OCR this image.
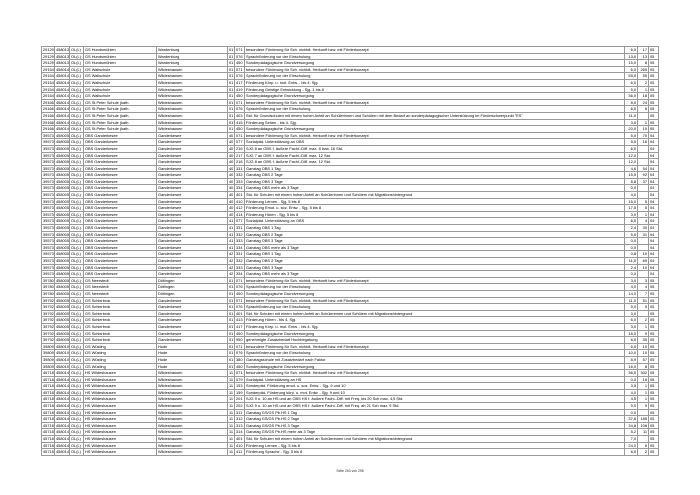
29129	458013	OL(L)	GS Hundsmühlen	Wardenburg	01	071	besondere Förderung für Sch. nichtdt. Herkunft bzw. mit Förderkonzept	6,0	17	05
29129	458013	OL(L)	GS Hundsmühlen	Wardenburg	01	076	Sprachförderung vor der Einschulung	13,0	13	05
29129	458013	OL(L)	GS Hundsmühlen	Wardenburg	01	450	Sonderpädagogische Grundversorgung	15,0	8	05
29154	458014	OL(L)	GS Wallschule	Wildeshausen	01	071	besondere Förderung für Sch. nichtdt. Herkunft bzw. mit Förderkonzept	6,0	265	05
29154	458014	OL(L)	GS Wallschule	Wildeshausen	01	076	Sprachförderung vor der Einschulung	55,0	55	05
29154	458014	OL(L)	GS Wallschule	Wildeshausen	01	417	Förderung Körp. u. mot. Entw. - bis 4. Sjg.	6,0	2	05
29154	458014	OL(L)	GS Wallschule	Wildeshausen	01	419	Förderung Geistige Entwicklung - Sjg. 1 bis 8	5,0	1	05
29154	458014	OL(L)	GS Wallschule	Wildeshausen	01	450	Sonderpädagogische Grundversorgung	36,0	18	05
29166	458014	OL(L)	GS St.Peter Schule (kath.	Wildeshausen	01	071	besondere Förderung für Sch. nichtdt. Herkunft bzw. mit Förderkonzept	8,0	24	05
29166	458014	OL(L)	GS St.Peter Schule (kath.	Wildeshausen	01	076	Sprachförderung vor der Einschulung	6,0	6	05
29166	458014	OL(L)	GS St.Peter Schule (kath.	Wildeshausen	01	403	Std. für Grundschulen mit einem hohen Anteil an Schülerinnen und Schülern mit dem Bedarf an sonderpädagogischer Unterstützung im Förderschwerpunkt "ES"	11,0		05
29166	458014	OL(L)	GS St.Peter Schule (kath.	Wildeshausen	01	415	Förderung Sehen - bis 4. Sjg.	3,0	1	05
29166	458014	OL(L)	GS St.Peter Schule (kath.	Wildeshausen	01	450	Sonderpädagogische Grundversorgung	20,0	10	05
39573	458005	OL(L)	OBS Ganderkesee	Ganderkesee	40	071	besondere Förderung für Sch. nichtdt. Herkunft bzw. mit Förderkonzept	5,0	70	04
39573	458005	OL(L)	OBS Ganderkesee	Ganderkesee	40	077	Sozialpäd. Unterstützung an OBS	5,0	16	04
39573	458005	OL(L)	OBS Ganderkesee	Ganderkesee	40	216	SJG 8 an OBS f. äußere Fachl.-Diff. max. 8 bzw. 16 Std.	6,0		04
39573	458005	OL(L)	OBS Ganderkesee	Ganderkesee	40	217	SJG 7 an OBS f. äußere Fachl.-Diff. max. 12 Std.	12,0		04
39573	458005	OL(L)	OBS Ganderkesee	Ganderkesee	40	218	SJG 8 an OBS f. äußere Fachl.-Diff. max. 12 Std.	12,0		04
39573	458005	OL(L)	OBS Ganderkesee	Ganderkesee	40	331	Ganztag OBS 1 Tag	4,6	54	04
39573	458005	OL(L)	OBS Ganderkesee	Ganderkesee	40	332	Ganztag OBS 2 Tage	15,5	92	04
39573	458005	OL(L)	OBS Ganderkesee	Ganderkesee	40	333	Ganztag OBS 3 Tage	8,8	37	04
39573	458005	OL(L)	OBS Ganderkesee	Ganderkesee	40	334	Ganztag OBS mehr als 3 Tage	0,0		04
39573	458005	OL(L)	OBS Ganderkesee	Ganderkesee	40	401	Std. für Schulen mit einem hohen Anteil an Schülerinnen und Schülern mit Migrationshintergrund	4,0		04
39573	458005	OL(L)	OBS Ganderkesee	Ganderkesee	40	410	Förderung Lernen - Sjg. 5 bis 8	15,0	5	04
39573	458005	OL(L)	OBS Ganderkesee	Ganderkesee	40	412	Förderung Emot. u. soz. Entw. - Sjg. 5 bis 8	17,5	5	04
39573	458005	OL(L)	OBS Ganderkesee	Ganderkesee	40	414	Förderung Hören - Sjg. 5 bis 8	3,0	1	04
39573	458005	OL(L)	OBS Ganderkesee	Ganderkesee	41	077	Sozialpäd. Unterstützung an OBS	6,0	4	04
39573	458005	OL(L)	OBS Ganderkesee	Ganderkesee	41	331	Ganztag OBS 1 Tag	2,4	30	04
39573	458005	OL(L)	OBS Ganderkesee	Ganderkesee	41	332	Ganztag OBS 2 Tage	5,0	31	04
39573	458005	OL(L)	OBS Ganderkesee	Ganderkesee	41	333	Ganztag OBS 3 Tage	0,0		04
39573	458005	OL(L)	OBS Ganderkesee	Ganderkesee	41	334	Ganztag OBS mehr als 3 Tage	0,0		04
39573	458005	OL(L)	OBS Ganderkesee	Ganderkesee	42	331	Ganztag OBS 1 Tag	0,8	10	04
39573	458005	OL(L)	OBS Ganderkesee	Ganderkesee	42	332	Ganztag OBS 2 Tage	11,0	69	04
39573	458005	OL(L)	OBS Ganderkesee	Ganderkesee	42	333	Ganztag OBS 3 Tage	2,4	10	04
39573	458005	OL(L)	OBS Ganderkesee	Ganderkesee	42	334	Ganztag OBS mehr als 3 Tage	0,0		04
39780	458005	OL(L)	GS Neerstedt	Dötlingen	01	071	besondere Förderung für Sch. nichtdt. Herkunft bzw. mit Förderkonzept	3,0	3	05
39780	458005	OL(L)	GS Neerstedt	Dötlingen	01	076	Sprachförderung vor der Einschulung	4,0	4	05
39780	458005	OL(L)	GS Neerstedt	Dötlingen	01	450	Sonderpädagogische Grundversorgung	14,0	7	05
39792	458005	OL(L)	GS Schierbrok	Ganderkesee	01	071	besondere Förderung für Sch. nichtdt. Herkunft bzw. mit Förderkonzept	11,0	51	05
39792	458005	OL(L)	GS Schierbrok	Ganderkesee	01	076	Sprachförderung vor der Einschulung	5,0	5	05
39792	458005	OL(L)	GS Schierbrok	Ganderkesee	01	401	Std. für Schulen mit einem hohen Anteil an Schülerinnen und Schülern mit Migrationshintergrund	3,0		05
39792	458005	OL(L)	GS Schierbrok	Ganderkesee	01	413	Förderung Hören - bis 4. Sjg.	6,0	2	05
39792	458005	OL(L)	GS Schierbrok	Ganderkesee	01	417	Förderung Körp. u. mot. Entw. - bis 4. Sjg.	3,0	1	05
39792	458005	OL(L)	GS Schierbrok	Ganderkesee	01	450	Sonderpädagogische Grundversorgung	18,0	9	05
39792	458005	OL(L)	GS Schierbrok	Ganderkesee	01	950	genehmigte Zusatzbedarf Hochbegabung	6,0	35	05
39809	458010	OL(L)	GS Wüsting	Hude	01	071	besondere Förderung für Sch. nichtdt. Herkunft bzw. mit Förderkonzept	6,0	10	05
39809	458010	OL(L)	GS Wüsting	Hude	01	076	Sprachförderung vor der Einschulung	10,0	10	05
39809	458010	OL(L)	GS Wüsting	Hude	01	380	Ganztagsschule mit Zusatzbedarf nach Faktor	8,9	57	05
39809	458010	OL(L)	GS Wüsting	Hude	01	450	Sonderpädagogische Grundversorgung	16,0	8	05
45718	458014	OL(L)	HS Wildeshausen	Wildeshausen	11	071	besondere Förderung für Sch. nichtdt. Herkunft bzw. mit Förderkonzept	36,0	302	05
45718	458014	OL(L)	HS Wildeshausen	Wildeshausen	11	079	Sozialpäd. Unterstützung an HS	0,0	16	05
45718	458014	OL(L)	HS Wildeshausen	Wildeshausen	11	153	Sonderpäd. Förderung emot. u. soz. Entw. - Sjg. 9 und 10	3,5	1	05
45718	458014	OL(L)	HS Wildeshausen	Wildeshausen	11	159	Sonderpäd. Förderung körp. u. mot. Entw. - Sjg. 9 und 10	4,0	1	05
45718	458014	OL(L)	HS Wildeshausen	Wildeshausen	11	201	SJG 9 u. 10 an HS und an OBS HS f. äußere Fachl.-Diff. mit Freq. bis 20 Sch max. 4,5 Std.	4,5	1	05
45718	458014	OL(L)	HS Wildeshausen	Wildeshausen	11	202	SJG 9 u. 10 an HS und an OBS HS f. äußere Fachl.-Diff. mit Freq. ab 21 Sch max. 9 Std.	9,0	5	05
45718	458014	OL(L)	HS Wildeshausen	Wildeshausen	11	311	Ganztag GS/GS Pb.HS 1 Tag	0,0		05
45718	458014	OL(L)	HS Wildeshausen	Wildeshausen	11	312	Ganztag GS/GS Pb.HS 2 Tage	37,8	185	05
45718	458014	OL(L)	HS Wildeshausen	Wildeshausen	11	313	Ganztag GS/GS Pb.HS 3 Tage	34,8	106	05
45718	458014	OL(L)	HS Wildeshausen	Wildeshausen	11	314	Ganztag GS/GS Pb.HS mehr als 3 Tage	5,2	11	05
45718	458014	OL(L)	HS Wildeshausen	Wildeshausen	11	401	Std. für Schulen mit einem hohen Anteil an Schülerinnen und Schülern mit Migrationshintergrund	7,0		05
45718	458014	OL(L)	HS Wildeshausen	Wildeshausen	11	410	Förderung Lernen - Sjg. 5 bis 8	24,0	8	05
45718	458014	OL(L)	HS Wildeshausen	Wildeshausen	11	411	Förderung Sprache - Sjg. 5 bis 8	6,0	2	05
Seite 263 von 298
